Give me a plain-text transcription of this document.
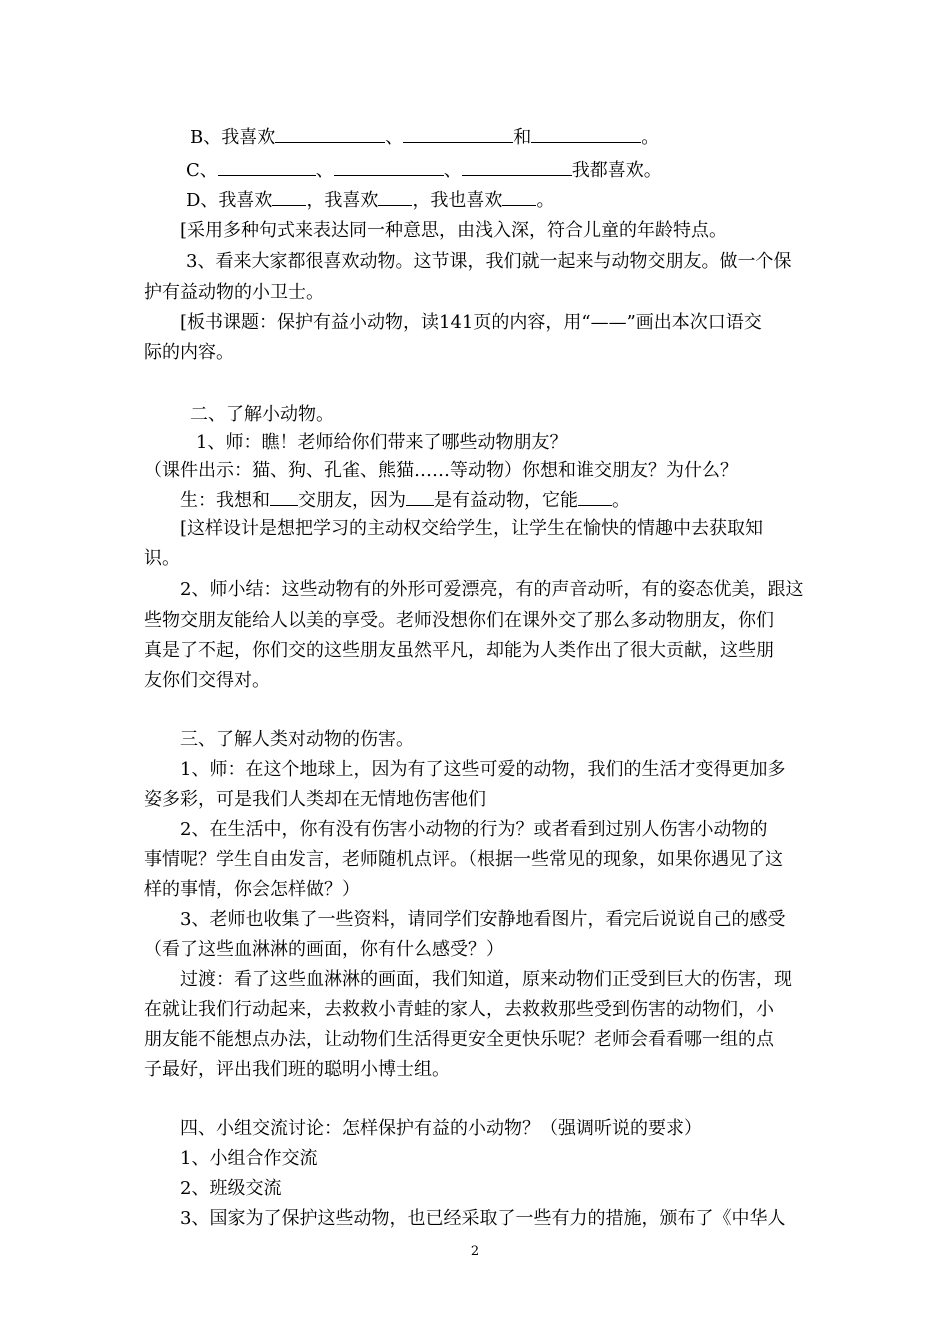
B、我喜欢	、	和	。

C、	、	、	我都喜欢。

D、我喜欢 ，我喜欢 ，我也喜欢 。

[采用多种句式来表达同一种意思，由浅入深，符合儿童的年龄特点。

3、看来大家都很喜欢动物。这节课，我们就一起来与动物交朋友。做一个保

护有益动物的小卫士。

[板书课题：保护有益小动物，读141页的内容，用“——”画出本次口语交

际的内容。

二、了解小动物。

1、师：瞧！老师给你们带来了哪些动物朋友？

（课件出示：猫、狗、孔雀、熊猫……等动物）你想和谁交朋友？为什么？

生：我想和 交朋友，因为 是有益动物，它能 。

[这样设计是想把学习的主动权交给学生，让学生在愉快的情趣中去获取知

识。

2、师小结：这些动物有的外形可爱漂亮，有的声音动听，有的姿态优美，跟这

些物交朋友能给人以美的享受。老师没想你们在课外交了那么多动物朋友，你们

真是了不起，你们交的这些朋友虽然平凡，却能为人类作出了很大贡献，这些朋

友你们交得对。

三、了解人类对动物的伤害。

1、师：在这个地球上，因为有了这些可爱的动物，我们的生活才变得更加多

姿多彩，可是我们人类却在无情地伤害他们

2、在生活中，你有没有伤害小动物的行为？或者看到过别人伤害小动物的

事情呢？学生自由发言，老师随机点评。（根据一些常见的现象，如果你遇见了这

样的事情，你会怎样做？）

3、老师也收集了一些资料，请同学们安静地看图片，看完后说说自己的感受

（看了这些血淋淋的画面，你有什么感受？）

过渡：看了这些血淋淋的画面，我们知道，原来动物们正受到巨大的伤害，现

在就让我们行动起来，去救救小青蛙的家人，去救救那些受到伤害的动物们，小

朋友能不能想点办法，让动物们生活得更安全更快乐呢？老师会看看哪一组的点

子最好，评出我们班的聪明小博士组。

四、小组交流讨论：怎样保护有益的小动物？（强调听说的要求）

1、小组合作交流

2、班级交流

3、国家为了保护这些动物，也已经采取了一些有力的措施，颁布了《中华人

2
